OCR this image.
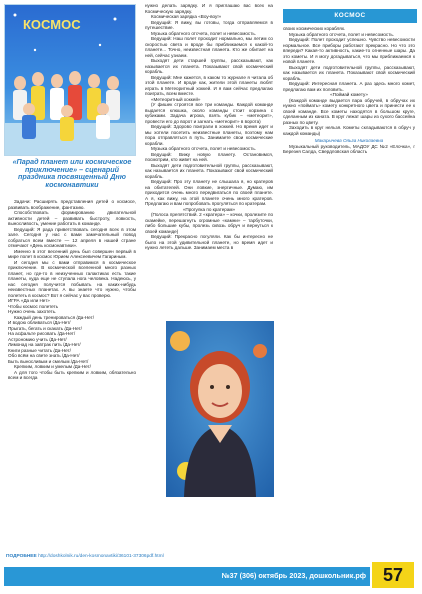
КОСМОС
«Парад планет или космическое приключение» – сценарий праздника посвященный Дню космонавтики

Задачи: Расширять представления детей о космосе, развивать воображение, фантазию.

Способствовать формированию двигательной активности детей – развивать быстроту, ловкость, выносливость, умение работать в команде.

Ведущий: Я рада приветствовать сегодня всех в этом зале. Сегодня у нас с вами замечательный повод собраться всем вместе — 12 апреля в нашей стране отмечают «День космонавтики».

Именно в этот весенний день был совершен первый в мире полет в космос Юрием Алексеевичем Гагариным.

И сегодня мы с вами отправимся в космическое приключение. В космической вселенной много разных планет, но где-то в неизученных галактиках есть такие планеты, куда еще не ступала нога человека. Надеюсь, у нас сегодня получится побывать на каких-нибудь неизвестных планетах. А вы знаете что нужно, чтобы полететь в космос? Вот я сейчас у вас проверю.

ИГРА «Да или Нет»

Чтобы космос полететь

Нужно очень захотеть.

Каждый день тренироваться /Да-Нет/

И водою обливаться /Да-Нет/

Прыгать, бегать и скакать /Да-Нет/

На асфальте рисовать /Да-Нет/

Астрономию учить /Да-Нет/

Лимонад на завтрак пить /Да-Нет/

Книги разные читать /Да-Нет/

Обо всём на свете знать /Да-Нет/

Быть выносливым и смелым /Да-Нет/

Крепким, ловким и умелым /Да-Нет/

А для того чтобы быть крепким и ловким, обязательно всем и всегда

нужно делать зарядку. И я приглашаю вас всех на Космическую зарядку.

Космическая зарядка «Воу-воу!»

Ведущий: Я вижу, вы готовы, тогда отправляемся в путешествие.

Музыка обратного отсчета, полет и невесомость.

Ведущий: Наш полет проходит нормально, мы летим со скоростью света и вроде бы приближаемся к какой-то планете... Точно, неизвестная планета. Кто же обитает на ней, сейчас узнаем.

Выходят дети старшей группы, рассказывают, как называется их планета. Показывают свой космический корабль.

Ведущий: Мне кажется, в каком то журнале я читала об этой планете. И вроде как, жители этой планеты любят играть в Метеоритный хоккей. И я вам сейчас предлагаю поиграть, всем вместе.

«Метеоритный хоккей»

(У фишек строятся все три команды. Каждой команде выдается клюшка, около команды стоит корзина с кубиками. Задача игрока, взять кубик – «метеорит», провести его до ворот и загнать «метеорит» в ворота)

Ведущий: Здорово поиграли в хоккей. Но время идет и мы хотели посетить неизвестные планеты, поэтому нам пора отправляться в путь. Занимаете свои космические корабли.

Музыка обратного отсчета, полет и невесомость.

Ведущий: Вижу новую планету. Остановимся, посмотрим, кто живет на ней.

Выходят дети подготовительной группы, рассказывают, как называется их планета. Показывают свой космический корабль.

Ведущий: Про эту планету не слышала я, но кратеров на обитателей. Они ловкие, энергичные. Думаю, им приходится очень много передвигаться по своей планете. А я, как вижу, на этой планете очень много кратеров. Предлагаю и вам попробовать прогуляться по кратерам.

«Прогулка по кратерам»

(Полоса препятствий. 2 «кратера» – кочки, пролезите по скамейке, перешагнуть огромные «камни» – тарбуточки, либо большие кубы, пролезь сквозь обруч и вернуться к своей команде)

Ведущий: Прекрасно погуляли. Как бы интересно не было на этой удивительной планете, но время идет и нужно лететь дальше. Занимаем места в

КОСМОС

своих космических кораблях.

Музыка обратного отсчета, полет и невесомость.

Ведущий: Полет проходит успешно. Чувство невесомости нормальное. Все приборы работают прекрасно. Но что это впереди? Какая-то активность, какие-то огненные шары. Да это кометы. И я могу догадываться, что мы приближаемся к новой планете.

Выходят дети подготовительной группы, рассказывают, как называется их планета. Показывают свой космический корабль.

Ведущий: Интересная планета. А раз здесь много комет, предлагаю вам их половить.

«Поймай комету»

(Каждой команде выдается пара обручей, в обручах их нужно «поймать» комету конкретного цвета и принести ее к своей команде. Все кометы находятся в большом круге, сделанным из каната. В круг лежат шары из сухого бассейна разных по цвету.

Заходить в круг нельзя. Кометы складываются в обруч у каждой команды)

Макарычева Ольга Николаевна

Музыкальный руководитель, МАДОУ ДС №2 «Елочка», г Березня Салда, Свердловская область

ПОДРОБНЕЕ http://doshkolnik.ru/den-kosmonavtiki/36101-37306pdf.html
№37 (306) октябрь 2023, дошкольник.рф 57
